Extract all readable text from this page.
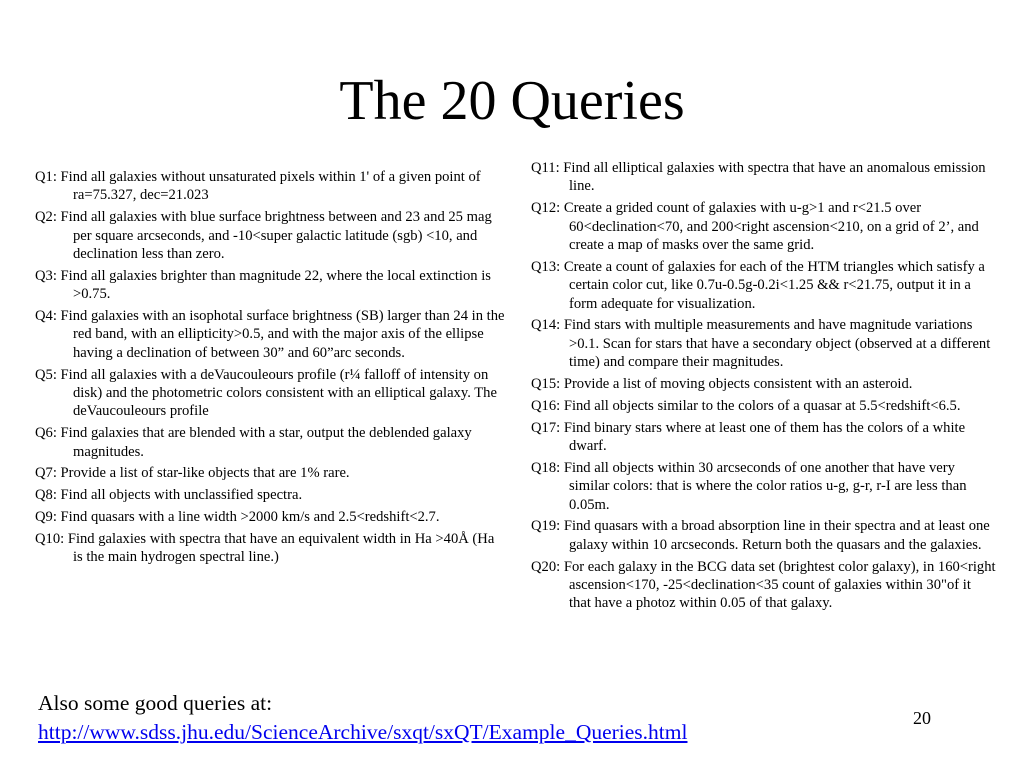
The 20 Queries
Q1: Find all galaxies without unsaturated pixels within 1' of a given point of ra=75.327, dec=21.023
Q2: Find all galaxies with blue surface brightness between and 23 and 25 mag per square arcseconds, and -10<super galactic latitude (sgb) <10, and declination less than zero.
Q3: Find all galaxies brighter than magnitude 22, where the local extinction is >0.75.
Q4: Find galaxies with an isophotal surface brightness (SB) larger than 24 in the red band, with an ellipticity>0.5, and with the major axis of the ellipse having a declination of between 30” and 60”arc seconds.
Q5: Find all galaxies with a deVaucouleours profile (r¼ falloff of intensity on disk) and the photometric colors consistent with an elliptical galaxy. The deVaucouleours profile
Q6: Find galaxies that are blended with a star, output the deblended galaxy magnitudes.
Q7: Provide a list of star-like objects that are 1% rare.
Q8: Find all objects with unclassified spectra.
Q9: Find quasars with a line width >2000 km/s and 2.5<redshift<2.7.
Q10: Find galaxies with spectra that have an equivalent width in Ha >40Å (Ha is the main hydrogen spectral line.)
Q11: Find all elliptical galaxies with spectra that have an anomalous emission line.
Q12: Create a grided count of galaxies with u-g>1 and r<21.5 over 60<declination<70, and 200<right ascension<210, on a grid of 2’, and create a map of masks over the same grid.
Q13: Create a count of galaxies for each of the HTM triangles which satisfy a certain color cut, like 0.7u-0.5g-0.2i<1.25 && r<21.75, output it in a form adequate for visualization.
Q14: Find stars with multiple measurements and have magnitude variations >0.1. Scan for stars that have a secondary object (observed at a different time) and compare their magnitudes.
Q15: Provide a list of moving objects consistent with an asteroid.
Q16: Find all objects similar to the colors of a quasar at 5.5<redshift<6.5.
Q17: Find binary stars where at least one of them has the colors of a white dwarf.
Q18: Find all objects within 30 arcseconds of one another that have very similar colors: that is where the color ratios u-g, g-r, r-I are less than 0.05m.
Q19: Find quasars with a broad absorption line in their spectra and at least one galaxy within 10 arcseconds. Return both the quasars and the galaxies.
Q20: For each galaxy in the BCG data set (brightest color galaxy), in 160<right ascension<170, -25<declination<35 count of galaxies within 30"of it that have a photoz within 0.05 of that galaxy.

Also some good queries at:
http://www.sdss.jhu.edu/ScienceArchive/sxqt/sxQT/Example_Queries.html

20
